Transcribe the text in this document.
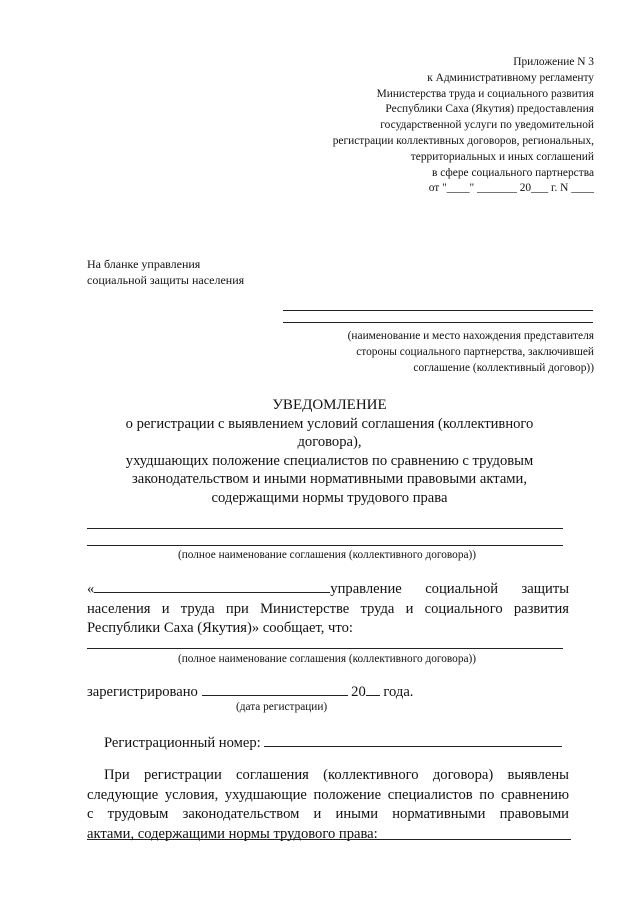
Приложение N 3
к Административному регламенту
Министерства труда и социального развития
Республики Саха (Якутия) предоставления
государственной услуги по уведомительной
регистрации коллективных договоров, региональных,
территориальных и иных соглашений
в сфере социального партнерства
от "____" _______ 20___ г. N ____
На бланке управления
социальной защиты населения
(наименование и место нахождения представителя
стороны социального партнерства, заключившей
соглашение (коллективный договор))
УВЕДОМЛЕНИЕ
о регистрации с выявлением условий соглашения (коллективного
договора),
ухудшающих положение специалистов по сравнению с трудовым
законодательством и иными нормативными правовыми актами,
содержащими нормы трудового права
(полное наименование соглашения (коллективного договора))
«	управление социальной защиты
населения и труда при Министерстве труда и социального развития
Республики Саха (Якутия)» сообщает, что:
(полное наименование соглашения (коллективного договора))
зарегистрировано	20 года.
(дата регистрации)
Регистрационный номер:
При регистрации соглашения (коллективного договора) выявлены
следующие условия, ухудшающие положение специалистов по сравнению
с трудовым законодательством и иными нормативными правовыми
актами, содержащими нормы трудового права:
